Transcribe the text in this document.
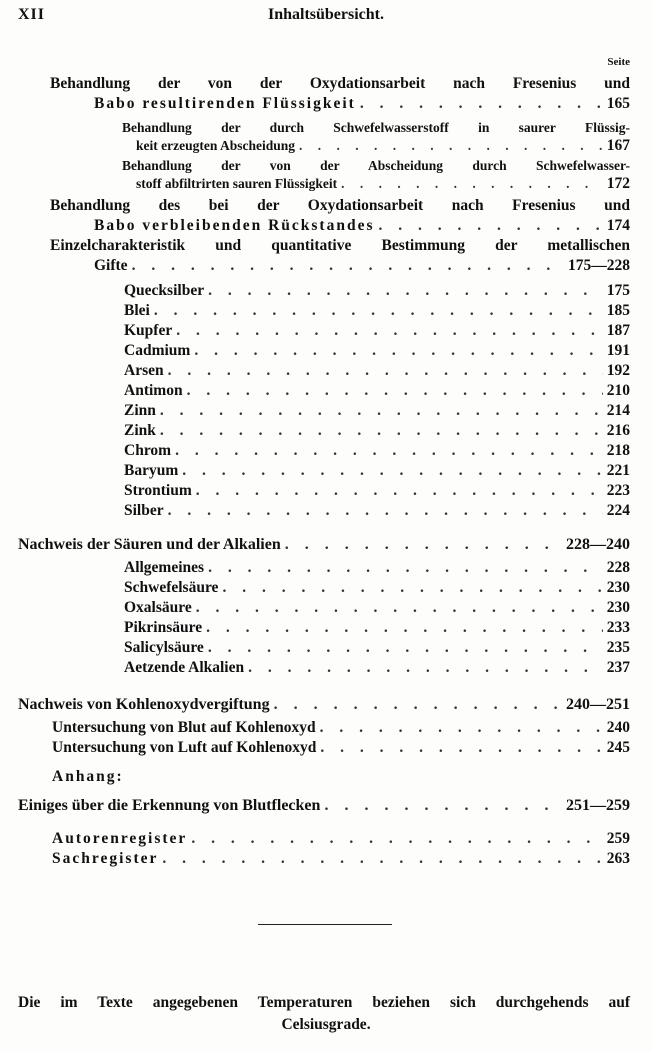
XII	Inhaltsübersicht.
Seite
Behandlung der von der Oxydationsarbeit nach Fresenius und
Babo resultirenden Flüssigkeit . . .	165
Behandlung der durch Schwefelwasserstoff in saurer Flüssig-
keit erzeugten Abscheidung . . .	167
Behandlung der von der Abscheidung durch Schwefelwasser-
stoff abfiltrirten sauren Flüssigkeit . . .	172
Behandlung des bei der Oxydationsarbeit nach Fresenius und
Babo verbleibenden Rückstandes . . .	174
Einzelcharakteristik und quantitative Bestimmung der metallischen
Gifte . . .	175—228
Quecksilber . . .	175
Blei . . .	185
Kupfer . . .	187
Cadmium . . .	191
Arsen . . .	192
Antimon . . .	210
Zinn . . .	214
Zink . . .	216
Chrom . . .	218
Baryum . . .	221
Strontium . . .	223
Silber . . .	224
Nachweis der Säuren und der Alkalien . . .	228—240
Allgemeines . . .	228
Schwefelsäure . . .	230
Oxalsäure . . .	230
Pikrinsäure . . .	233
Salicylsäure . . .	235
Aetzende Alkalien . . .	237
Nachweis von Kohlenoxydvergiftung . . .	240—251
Untersuchung von Blut auf Kohlenoxyd . . .	240
Untersuchung von Luft auf Kohlenoxyd . . .	245
Anhang:
Einiges über die Erkennung von Blutflecken . . .	251—259
Autorenregister . . .	259
Sachregister . . .	263
Die im Texte angegebenen Temperaturen beziehen sich durchgehends auf
Celsiusgrade.
